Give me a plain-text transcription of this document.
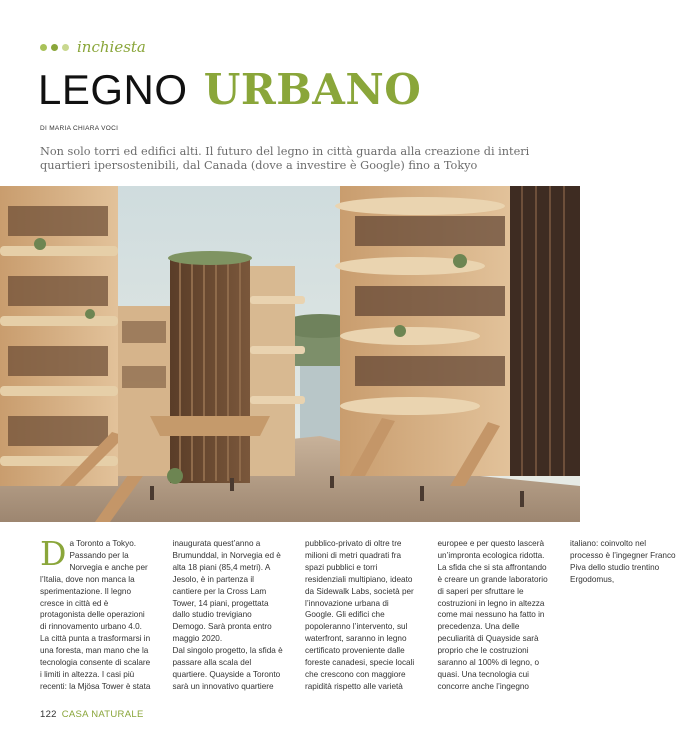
inchiesta
LEGNO URBANO
DI MARIA CHIARA VOCI

Non solo torri ed edifici alti. Il futuro del legno in città guarda alla creazione di interi quartieri ipersostenibili, dal Canada (dove a investire è Google) fino a Tokyo

Da Toronto a Tokyo. Passando per la Norvegia e anche per l’Italia, dove non manca la sperimentazione. Il legno cresce in città ed è protagonista delle operazioni di rinnovamento urbano 4.0.

La città punta a trasformarsi in una foresta, man mano che la tecnologia consente di scalare i limiti in altezza. I casi più recenti: la Mjösa Tower è stata inaugurata quest’anno a Brumunddal, in Norvegia ed è alta 18 piani (85,4 metri). A Jesolo, è in partenza il cantiere per la Cross Lam Tower, 14 piani, progettata dallo studio trevigiano Demogo. Sarà pronta entro maggio 2020.

Dal singolo progetto, la sfida è passare alla scala del quartiere. Quayside a Toronto sarà un innovativo quartiere pubblico-privato di oltre tre milioni di metri quadrati fra spazi pubblici e torri residenziali multipiano, ideato da Sidewalk Labs, società per l’innovazione urbana di Google. Gli edifici che popoleranno l’intervento, sul waterfront, saranno in legno certificato proveniente dalle foreste canadesi, specie locali che crescono con maggiore rapidità rispetto alle varietà europee e per questo lascerà un’impronta ecologica ridotta.

La sfida che si sta affrontando è creare un grande laboratorio di saperi per sfruttare le costruzioni in legno in altezza come mai nessuno ha fatto in precedenza. Una delle peculiarità di Quayside sarà proprio che le costruzioni saranno al 100% di legno, o quasi. Una tecnologia cui concorre anche l’ingegno italiano: coinvolto nel processo è l’ingegner Franco Piva dello studio trentino Ergodomus,

122 CASA NATURALE
